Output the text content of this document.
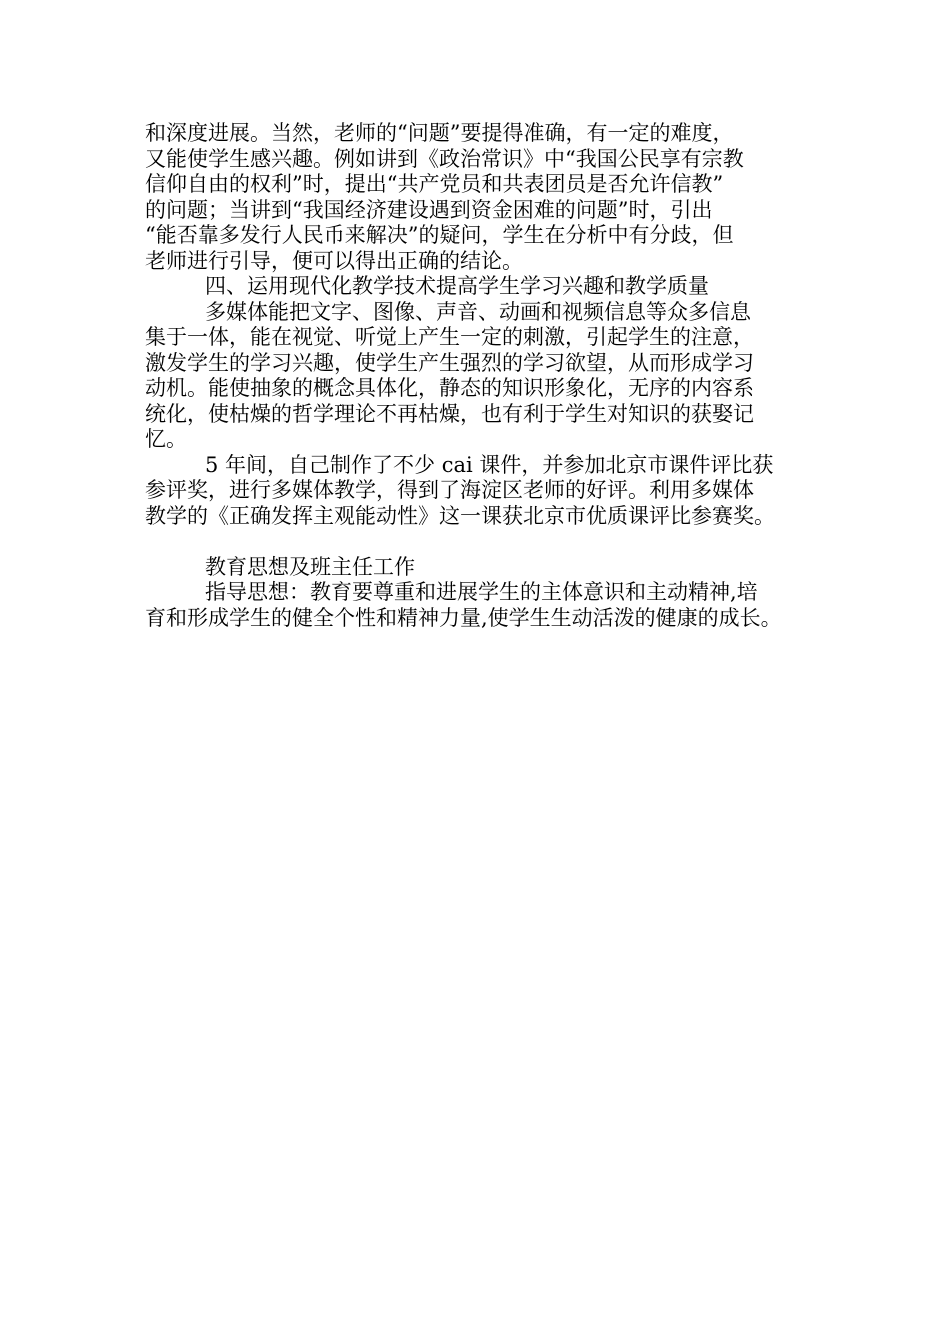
和深度进展。当然，老师的“问题”要提得准确，有一定的难度，
又能使学生感兴趣。例如讲到《政治常识》中“我国公民享有宗教
信仰自由的权利”时，提出“共产党员和共表团员是否允许信教”
的问题；当讲到“我国经济建设遇到资金困难的问题”时，引出
“能否靠多发行人民币来解决”的疑问，学生在分析中有分歧，但
老师进行引导，便可以得出正确的结论。
四、运用现代化教学技术提高学生学习兴趣和教学质量
多媒体能把文字、图像、声音、动画和视频信息等众多信息
集于一体，能在视觉、听觉上产生一定的刺激，引起学生的注意，
激发学生的学习兴趣，使学生产生强烈的学习欲望，从而形成学习
动机。能使抽象的概念具体化，静态的知识形象化，无序的内容系
统化，使枯燥的哲学理论不再枯燥，也有利于学生对知识的获娶记
忆。
5 年间，自己制作了不少 cai 课件，并参加北京市课件评比获
参评奖，进行多媒体教学，得到了海淀区老师的好评。利用多媒体
教学的《正确发挥主观能动性》这一课获北京市优质课评比参赛奖。
教育思想及班主任工作
指导思想：教育要尊重和进展学生的主体意识和主动精神,培
育和形成学生的健全个性和精神力量,使学生生动活泼的健康的成长。
